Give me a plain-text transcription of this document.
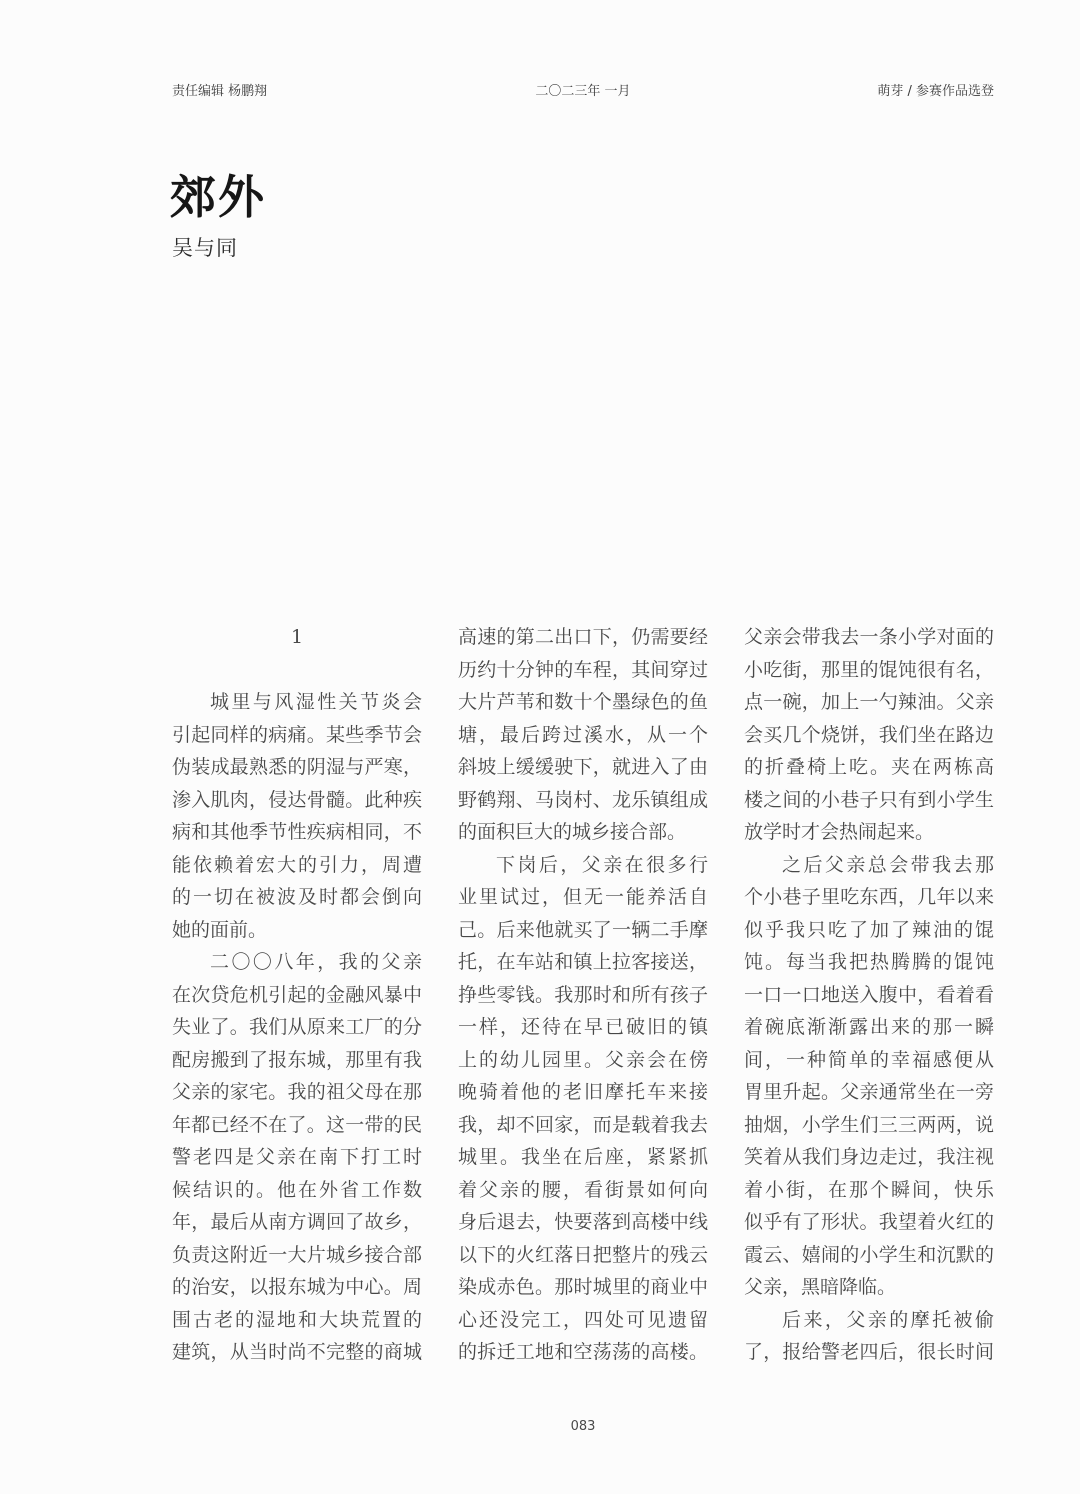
责任编辑 杨鹏翔	二〇二三年 一月	萌芽 / 参赛作品选登
郊外
吴与同
1
城里与风湿性关节炎会
引起同样的病痛。某些季节会
伪装成最熟悉的阴湿与严寒，
渗入肌肉，侵达骨髓。此种疾
病和其他季节性疾病相同，不
能依赖着宏大的引力，周遭
的一切在被波及时都会倒向
她的面前。
二〇〇八年，我的父亲
在次贷危机引起的金融风暴中
失业了。我们从原来工厂的分
配房搬到了报东城，那里有我
父亲的家宅。我的祖父母在那
年都已经不在了。这一带的民
警老四是父亲在南下打工时
候结识的。他在外省工作数
年，最后从南方调回了故乡，
负责这附近一大片城乡接合部
的治安，以报东城为中心。周
围古老的湿地和大块荒置的
建筑，从当时尚不完整的商城
高速的第二出口下，仍需要经
历约十分钟的车程，其间穿过
大片芦苇和数十个墨绿色的鱼
塘，最后跨过溪水，从一个
斜坡上缓缓驶下，就进入了由
野鹤翔、马岗村、龙乐镇组成
的面积巨大的城乡接合部。
下岗后，父亲在很多行
业里试过，但无一能养活自
己。后来他就买了一辆二手摩
托，在车站和镇上拉客接送，
挣些零钱。我那时和所有孩子
一样，还待在早已破旧的镇
上的幼儿园里。父亲会在傍
晚骑着他的老旧摩托车来接
我，却不回家，而是载着我去
城里。我坐在后座，紧紧抓
着父亲的腰，看街景如何向
身后退去，快要落到高楼中线
以下的火红落日把整片的残云
染成赤色。那时城里的商业中
心还没完工，四处可见遗留
的拆迁工地和空荡荡的高楼。
父亲会带我去一条小学对面的
小吃街，那里的馄饨很有名，
点一碗，加上一勺辣油。父亲
会买几个烧饼，我们坐在路边
的折叠椅上吃。夹在两栋高
楼之间的小巷子只有到小学生
放学时才会热闹起来。
之后父亲总会带我去那
个小巷子里吃东西，几年以来
似乎我只吃了加了辣油的馄
饨。每当我把热腾腾的馄饨
一口一口地送入腹中，看着看
着碗底渐渐露出来的那一瞬
间，一种简单的幸福感便从
胃里升起。父亲通常坐在一旁
抽烟，小学生们三三两两，说
笑着从我们身边走过，我注视
着小街，在那个瞬间，快乐
似乎有了形状。我望着火红的
霞云、嬉闹的小学生和沉默的
父亲，黑暗降临。
后来，父亲的摩托被偷
了，报给警老四后，很长时间
083
